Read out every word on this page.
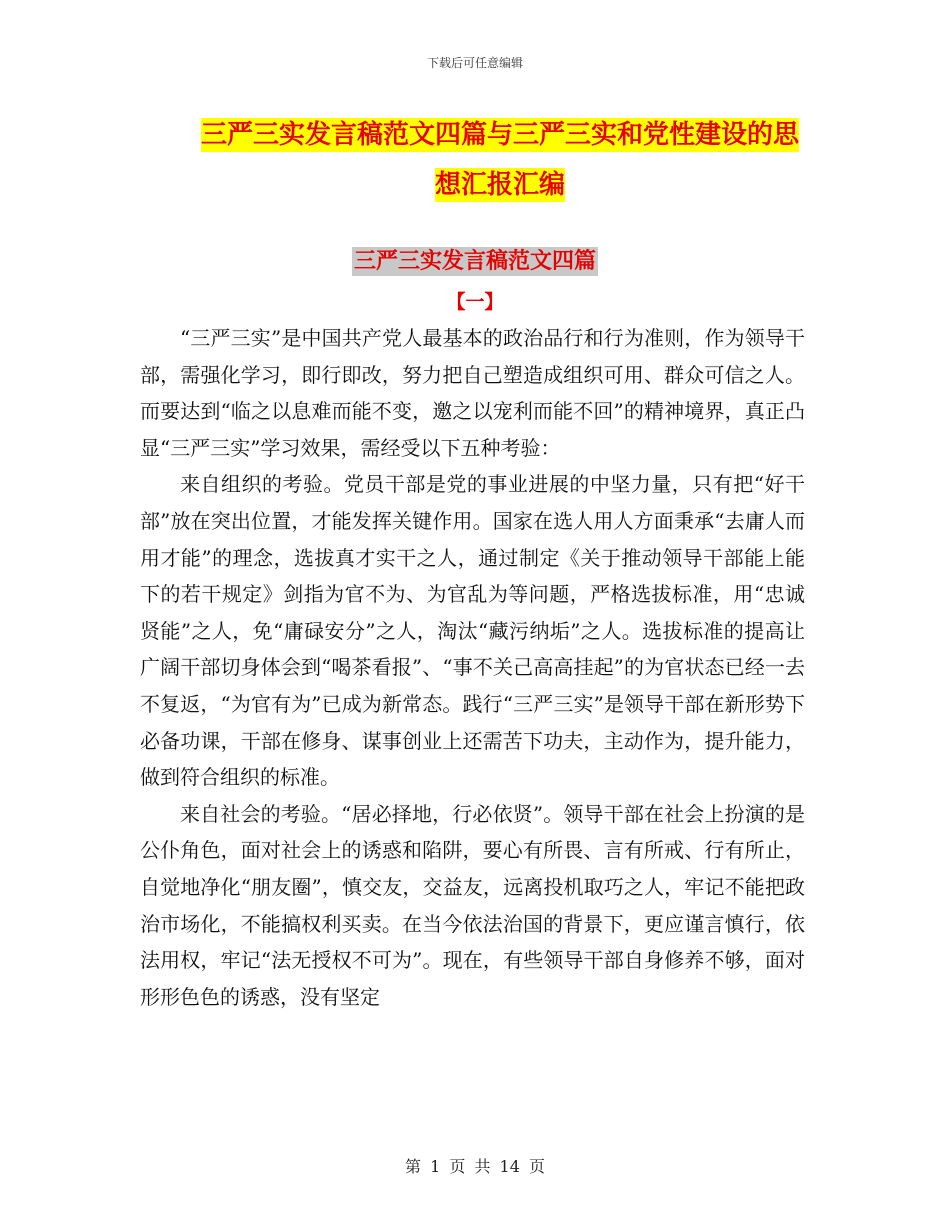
下载后可任意编辑
三严三实发言稿范文四篇与三严三实和党性建设的思
想汇报汇编
三严三实发言稿范文四篇
【一】

“三严三实”是中国共产党人最基本的政治品行和行为准则，作为领导干部，需强化学习，即行即改，努力把自己塑造成组织可用、群众可信之人。而要达到“临之以息难而能不变，邀之以宠利而能不回”的精神境界，真正凸显“三严三实”学习效果，需经受以下五种考验：

来自组织的考验。党员干部是党的事业进展的中坚力量，只有把“好干部”放在突出位置，才能发挥关键作用。国家在选人用人方面秉承“去庸人而用才能”的理念，选拔真才实干之人，通过制定《关于推动领导干部能上能下的若干规定》剑指为官不为、为官乱为等问题，严格选拔标准，用“忠诚贤能”之人，免“庸碌安分”之人，淘汰“藏污纳垢”之人。选拔标准的提高让广阔干部切身体会到“喝茶看报”、“事不关己高高挂起”的为官状态已经一去不复返，“为官有为”已成为新常态。践行“三严三实”是领导干部在新形势下必备功课，干部在修身、谋事创业上还需苦下功夫，主动作为，提升能力，做到符合组织的标准。

来自社会的考验。“居必择地，行必依贤”。领导干部在社会上扮演的是公仆角色，面对社会上的诱惑和陷阱，要心有所畏、言有所戒、行有所止，自觉地净化“朋友圈”，慎交友，交益友，远离投机取巧之人，牢记不能把政治市场化，不能搞权利买卖。在当今依法治国的背景下，更应谨言慎行，依法用权，牢记“法无授权不可为”。现在，有些领导干部自身修养不够，面对形形色色的诱惑，没有坚定

第 1 页 共 14 页
